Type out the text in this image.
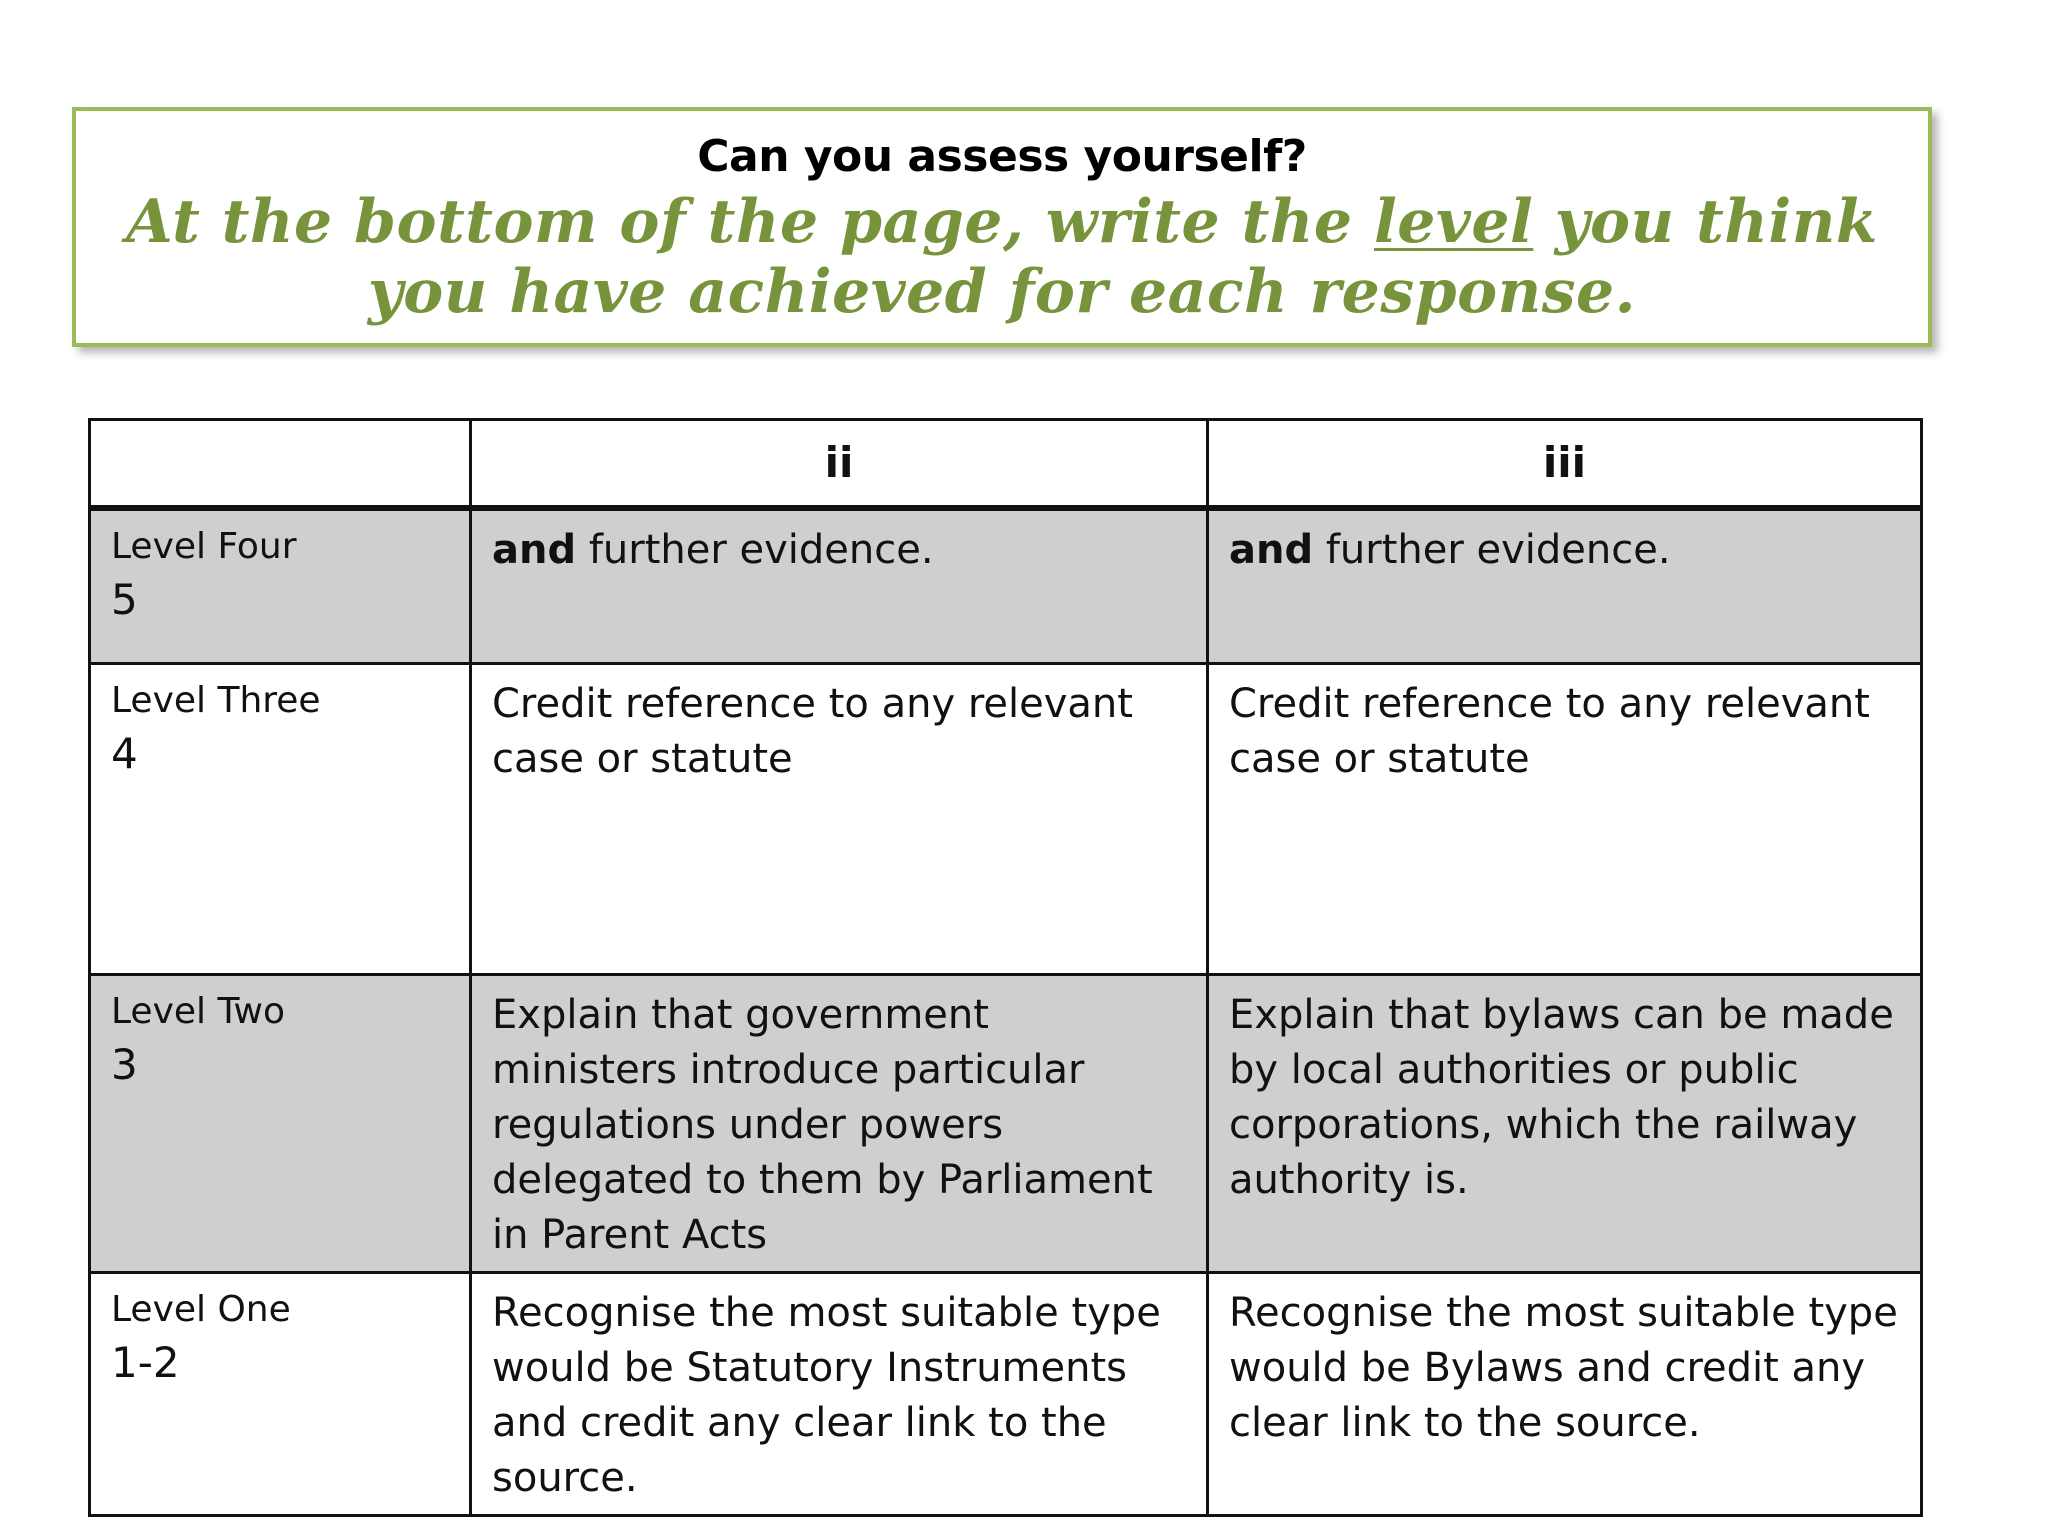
Can you assess yourself?
At the bottom of the page, write the level you think you have achieved for each response.
	ii	iii

Level Four
5	and further evidence.	and further evidence.

Level Three
4	Credit reference to any relevant case or statute	Credit reference to any relevant case or statute

Level Two
3	Explain that government ministers introduce particular regulations under powers delegated to them by Parliament in Parent Acts	Explain that bylaws can be made by local authorities or public corporations, which the railway authority is.

Level One
1-2	Recognise the most suitable type would be Statutory Instruments and credit any clear link to the source.	Recognise the most suitable type would be Bylaws and credit any clear link to the source.
